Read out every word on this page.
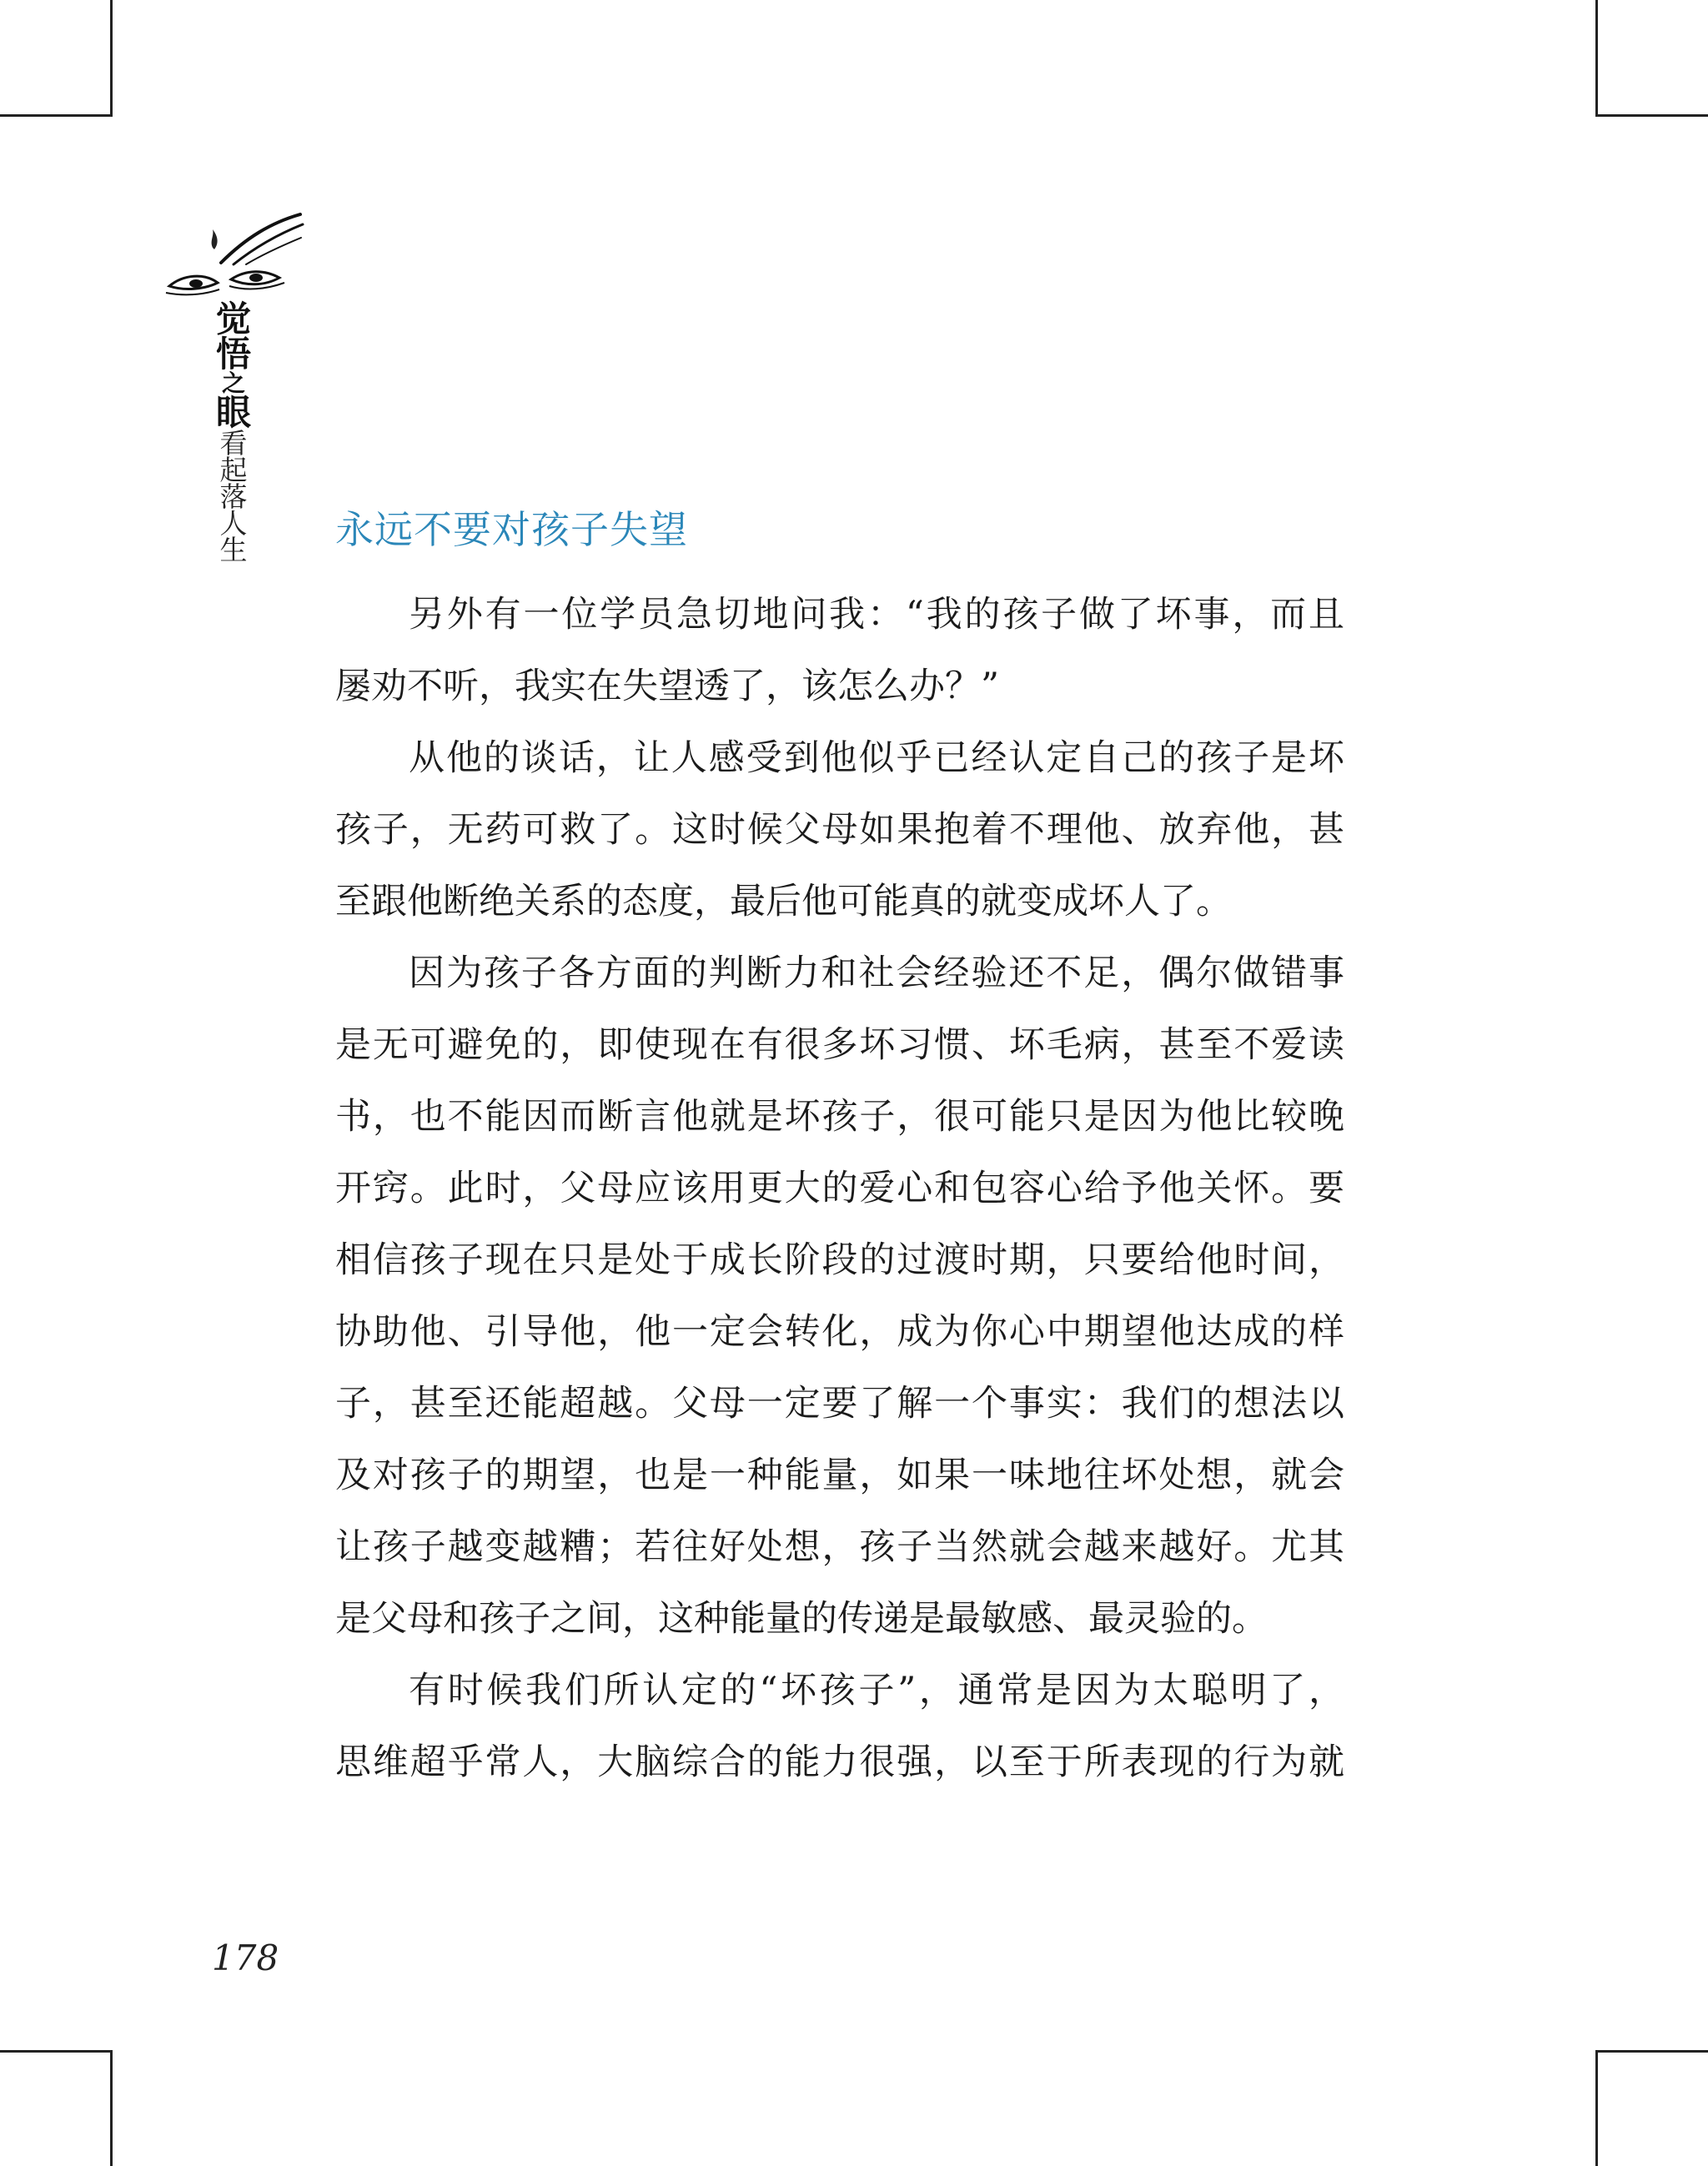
觉
悟
之
眼
看
起
落
人
生 永远不要对孩子失望
另外有一位学员急切地问我：“我的孩子做了坏事，而且
屡劝不听，我实在失望透了，该怎么办？”
从他的谈话，让人感受到他似乎已经认定自己的孩子是坏
孩子，无药可救了。这时候父母如果抱着不理他、放弃他，甚
至跟他断绝关系的态度，最后他可能真的就变成坏人了。
因为孩子各方面的判断力和社会经验还不足，偶尔做错事
是无可避免的，即使现在有很多坏习惯、坏毛病，甚至不爱读
书，也不能因而断言他就是坏孩子，很可能只是因为他比较晚
开窍。此时，父母应该用更大的爱心和包容心给予他关怀。要
相信孩子现在只是处于成长阶段的过渡时期，只要给他时间，
协助他、引导他，他一定会转化，成为你心中期望他达成的样
子，甚至还能超越。父母一定要了解一个事实：我们的想法以
及对孩子的期望，也是一种能量，如果一味地往坏处想，就会
让孩子越变越糟；若往好处想，孩子当然就会越来越好。尤其
是父母和孩子之间，这种能量的传递是最敏感、最灵验的。
有时候我们所认定的“坏孩子”，通常是因为太聪明了，
思维超乎常人，大脑综合的能力很强，以至于所表现的行为就
178
